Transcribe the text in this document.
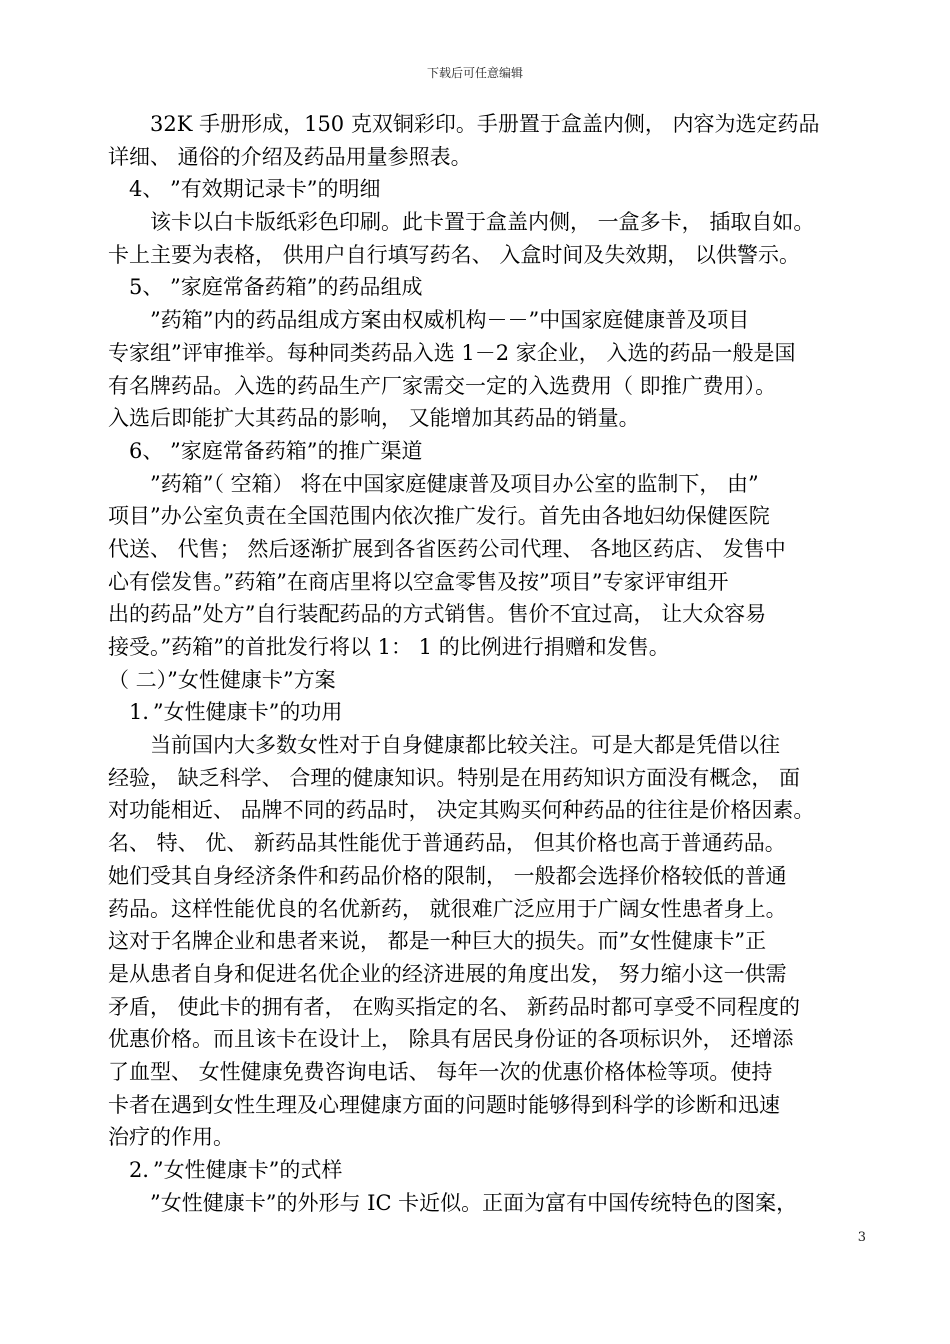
下载后可任意编辑
32K 手册形成，150 克双铜彩印。手册置于盒盖内侧， 内容为选定药品
详细、 通俗的介绍及药品用量参照表。
4、 ”有效期记录卡”的明细
该卡以白卡版纸彩色印刷。此卡置于盒盖内侧， 一盒多卡， 插取自如。
卡上主要为表格， 供用户自行填写药名、 入盒时间及失效期， 以供警示。
5、 ”家庭常备药箱”的药品组成
”药箱”内的药品组成方案由权威机构－－”中国家庭健康普及项目
专家组”评审推举。每种同类药品入选 1－2 家企业， 入选的药品一般是国
有名牌药品。入选的药品生产厂家需交一定的入选费用（ 即推广费用）。
入选后即能扩大其药品的影响， 又能增加其药品的销量。
6、 ”家庭常备药箱”的推广渠道
”药箱”（ 空箱） 将在中国家庭健康普及项目办公室的监制下， 由”
项目”办公室负责在全国范围内依次推广发行。首先由各地妇幼保健医院
代送、 代售； 然后逐渐扩展到各省医药公司代理、 各地区药店、 发售中
心有偿发售。”药箱”在商店里将以空盒零售及按”项目”专家评审组开
出的药品”处方”自行装配药品的方式销售。售价不宜过高， 让大众容易
接受。”药箱”的首批发行将以 1： 1 的比例进行捐赠和发售。
（ 二）”女性健康卡”方案
1．”女性健康卡”的功用
当前国内大多数女性对于自身健康都比较关注。可是大都是凭借以往
经验， 缺乏科学、 合理的健康知识。特别是在用药知识方面没有概念， 面
对功能相近、 品牌不同的药品时， 决定其购买何种药品的往往是价格因素。
名、 特、 优、 新药品其性能优于普通药品， 但其价格也高于普通药品。
她们受其自身经济条件和药品价格的限制， 一般都会选择价格较低的普通
药品。这样性能优良的名优新药， 就很难广泛应用于广阔女性患者身上。
这对于名牌企业和患者来说， 都是一种巨大的损失。而”女性健康卡”正
是从患者自身和促进名优企业的经济进展的角度出发， 努力缩小这一供需
矛盾， 使此卡的拥有者， 在购买指定的名、 新药品时都可享受不同程度的
优惠价格。而且该卡在设计上， 除具有居民身份证的各项标识外， 还增添
了血型、 女性健康免费咨询电话、 每年一次的优惠价格体检等项。使持
卡者在遇到女性生理及心理健康方面的问题时能够得到科学的诊断和迅速
治疗的作用。
2．”女性健康卡”的式样
”女性健康卡”的外形与 IC 卡近似。正面为富有中国传统特色的图案，
3
